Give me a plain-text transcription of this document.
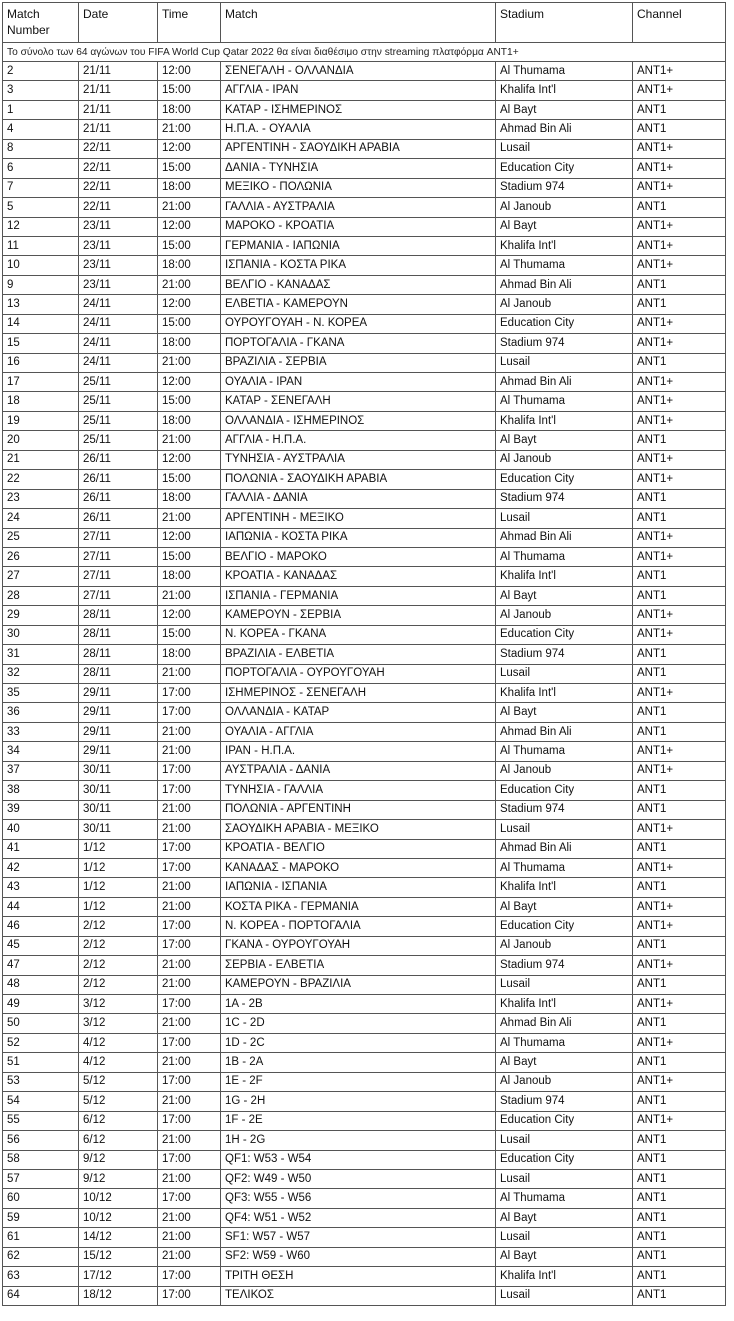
Match Number	Date	Time	Match	Stadium	Channel
Το σύνολο των 64 αγώνων του FIFA World Cup Qatar 2022 θα είναι διαθέσιμο στην streaming πλατφόρμα ANT1+					
2	21/11	12:00	ΣΕΝΕΓΑΛΗ - ΟΛΛΑΝΔΙΑ	Al Thumama	ANT1+
3	21/11	15:00	ΑΓΓΛΙΑ - ΙΡΑΝ	Khalifa Int'l	ANT1+
1	21/11	18:00	ΚΑΤΑΡ - ΙΣΗΜΕΡΙΝΟΣ	Al Bayt	ANT1
4	21/11	21:00	Η.Π.Α. - ΟΥΑΛΙΑ	Ahmad Bin Ali	ANT1
8	22/11	12:00	ΑΡΓΕΝΤΙΝΗ - ΣΑΟΥΔΙΚΗ ΑΡΑΒΙΑ	Lusail	ANT1+
6	22/11	15:00	ΔΑΝΙΑ - ΤΥΝΗΣΙΑ	Education City	ANT1+
7	22/11	18:00	ΜΕΞΙΚΟ - ΠΟΛΩΝΙΑ	Stadium 974	ANT1+
5	22/11	21:00	ΓΑΛΛΙΑ - ΑΥΣΤΡΑΛΙΑ	Al Janoub	ANT1
12	23/11	12:00	ΜΑΡΟΚΟ - ΚΡΟΑΤΙΑ	Al Bayt	ANT1+
11	23/11	15:00	ΓΕΡΜΑΝΙΑ - ΙΑΠΩΝΙΑ	Khalifa Int'l	ANT1+
10	23/11	18:00	ΙΣΠΑΝΙΑ - ΚΟΣΤΑ ΡΙΚΑ	Al Thumama	ANT1+
9	23/11	21:00	ΒΕΛΓΙΟ - ΚΑΝΑΔΑΣ	Ahmad Bin Ali	ANT1
13	24/11	12:00	ΕΛΒΕΤΙΑ - ΚΑΜΕΡΟΥΝ	Al Janoub	ANT1
14	24/11	15:00	ΟΥΡΟΥΓΟΥΑΗ - Ν. ΚΟΡΕΑ	Education City	ANT1+
15	24/11	18:00	ΠΟΡΤΟΓΑΛΙΑ - ΓΚΑΝΑ	Stadium 974	ANT1+
16	24/11	21:00	ΒΡΑΖΙΛΙΑ - ΣΕΡΒΙΑ	Lusail	ANT1
17	25/11	12:00	ΟΥΑΛΙΑ - ΙΡΑΝ	Ahmad Bin Ali	ANT1+
18	25/11	15:00	ΚΑΤΑΡ - ΣΕΝΕΓΑΛΗ	Al Thumama	ANT1+
19	25/11	18:00	ΟΛΛΑΝΔΙΑ - ΙΣΗΜΕΡΙΝΟΣ	Khalifa Int'l	ANT1+
20	25/11	21:00	ΑΓΓΛΙΑ - Η.Π.Α.	Al Bayt	ANT1
21	26/11	12:00	ΤΥΝΗΣΙΑ - ΑΥΣΤΡΑΛΙΑ	Al Janoub	ANT1+
22	26/11	15:00	ΠΟΛΩΝΙΑ - ΣΑΟΥΔΙΚΗ ΑΡΑΒΙΑ	Education City	ANT1+
23	26/11	18:00	ΓΑΛΛΙΑ - ΔΑΝΙΑ	Stadium 974	ANT1
24	26/11	21:00	ΑΡΓΕΝΤΙΝΗ - ΜΕΞΙΚΟ	Lusail	ANT1
25	27/11	12:00	ΙΑΠΩΝΙΑ - ΚΟΣΤΑ ΡΙΚΑ	Ahmad Bin Ali	ANT1+
26	27/11	15:00	ΒΕΛΓΙΟ - ΜΑΡΟΚΟ	Al Thumama	ANT1+
27	27/11	18:00	ΚΡΟΑΤΙΑ - ΚΑΝΑΔΑΣ	Khalifa Int'l	ANT1
28	27/11	21:00	ΙΣΠΑΝΙΑ - ΓΕΡΜΑΝΙΑ	Al Bayt	ANT1
29	28/11	12:00	ΚΑΜΕΡΟΥΝ - ΣΕΡΒΙΑ	Al Janoub	ANT1+
30	28/11	15:00	Ν. ΚΟΡΕΑ - ΓΚΑΝΑ	Education City	ANT1+
31	28/11	18:00	ΒΡΑΖΙΛΙΑ - ΕΛΒΕΤΙΑ	Stadium 974	ANT1
32	28/11	21:00	ΠΟΡΤΟΓΑΛΙΑ - ΟΥΡΟΥΓΟΥΑΗ	Lusail	ANT1
35	29/11	17:00	ΙΣΗΜΕΡΙΝΟΣ - ΣΕΝΕΓΑΛΗ	Khalifa Int'l	ANT1+
36	29/11	17:00	ΟΛΛΑΝΔΙΑ - ΚΑΤΑΡ	Al Bayt	ANT1
33	29/11	21:00	ΟΥΑΛΙΑ - ΑΓΓΛΙΑ	Ahmad Bin Ali	ANT1
34	29/11	21:00	ΙΡΑΝ - Η.Π.Α.	Al Thumama	ANT1+
37	30/11	17:00	ΑΥΣΤΡΑΛΙΑ - ΔΑΝΙΑ	Al Janoub	ANT1+
38	30/11	17:00	ΤΥΝΗΣΙΑ - ΓΑΛΛΙΑ	Education City	ANT1
39	30/11	21:00	ΠΟΛΩΝΙΑ - ΑΡΓΕΝΤΙΝΗ	Stadium 974	ANT1
40	30/11	21:00	ΣΑΟΥΔΙΚΗ ΑΡΑΒΙΑ - ΜΕΞΙΚΟ	Lusail	ANT1+
41	1/12	17:00	ΚΡΟΑΤΙΑ - ΒΕΛΓΙΟ	Ahmad Bin Ali	ANT1
42	1/12	17:00	ΚΑΝΑΔΑΣ - ΜΑΡΟΚΟ	Al Thumama	ANT1+
43	1/12	21:00	ΙΑΠΩΝΙΑ - ΙΣΠΑΝΙΑ	Khalifa Int'l	ANT1
44	1/12	21:00	ΚΟΣΤΑ ΡΙΚΑ - ΓΕΡΜΑΝΙΑ	Al Bayt	ANT1+
46	2/12	17:00	Ν. ΚΟΡΕΑ - ΠΟΡΤΟΓΑΛΙΑ	Education City	ANT1+
45	2/12	17:00	ΓΚΑΝΑ - ΟΥΡΟΥΓΟΥΑΗ	Al Janoub	ANT1
47	2/12	21:00	ΣΕΡΒΙΑ - ΕΛΒΕΤΙΑ	Stadium 974	ANT1+
48	2/12	21:00	ΚΑΜΕΡΟΥΝ - ΒΡΑΖΙΛΙΑ	Lusail	ANT1
49	3/12	17:00	1A - 2B	Khalifa Int'l	ANT1+
50	3/12	21:00	1C - 2D	Ahmad Bin Ali	ANT1
52	4/12	17:00	1D - 2C	Al Thumama	ANT1+
51	4/12	21:00	1B - 2A	Al Bayt	ANT1
53	5/12	17:00	1E - 2F	Al Janoub	ANT1+
54	5/12	21:00	1G - 2H	Stadium 974	ANT1
55	6/12	17:00	1F - 2E	Education City	ANT1+
56	6/12	21:00	1H - 2G	Lusail	ANT1
58	9/12	17:00	QF1: W53 - W54	Education City	ANT1
57	9/12	21:00	QF2: W49 - W50	Lusail	ANT1
60	10/12	17:00	QF3: W55 - W56	Al Thumama	ANT1
59	10/12	21:00	QF4: W51 - W52	Al Bayt	ANT1
61	14/12	21:00	SF1: W57 - W57	Lusail	ANT1
62	15/12	21:00	SF2: W59 - W60	Al Bayt	ANT1
63	17/12	17:00	ΤΡΙΤΗ ΘΕΣΗ	Khalifa Int'l	ANT1
64	18/12	17:00	ΤΕΛΙΚΟΣ	Lusail	ANT1
